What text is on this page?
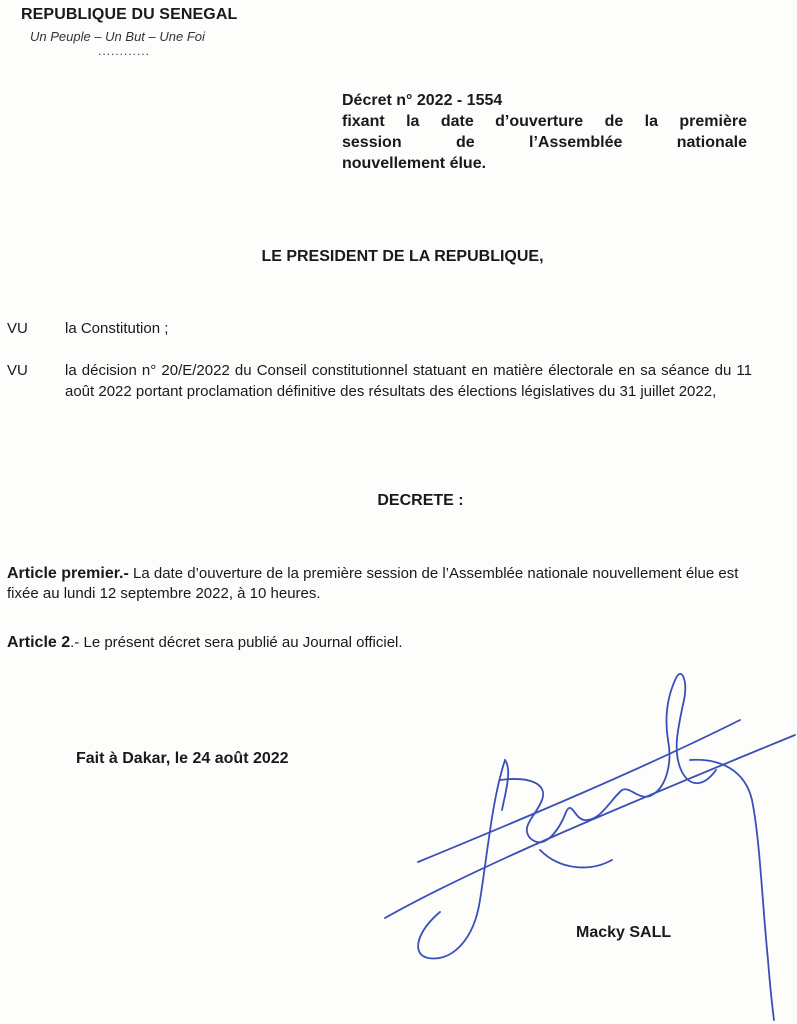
REPUBLIQUE DU SENEGAL
Un Peuple – Un But – Une Foi
............
Décret n° 2022 - 1554
fixant la date d’ouverture de la première
session de l’Assemblée nationale
nouvellement élue.
LE PRESIDENT DE LA REPUBLIQUE,
VU	la Constitution ;
VU	la décision n° 20/E/2022 du Conseil constitutionnel statuant en matière électorale en sa séance du 11 août 2022 portant proclamation définitive des résultats des élections législatives du 31 juillet 2022,
DECRETE :
Article premier.- La date d’ouverture de la première session de l’Assemblée nationale nouvellement élue est fixée au lundi 12 septembre 2022, à 10 heures.
Article 2.- Le présent décret sera publié au Journal officiel.
Fait à Dakar, le 24 août 2022
Macky SALL
